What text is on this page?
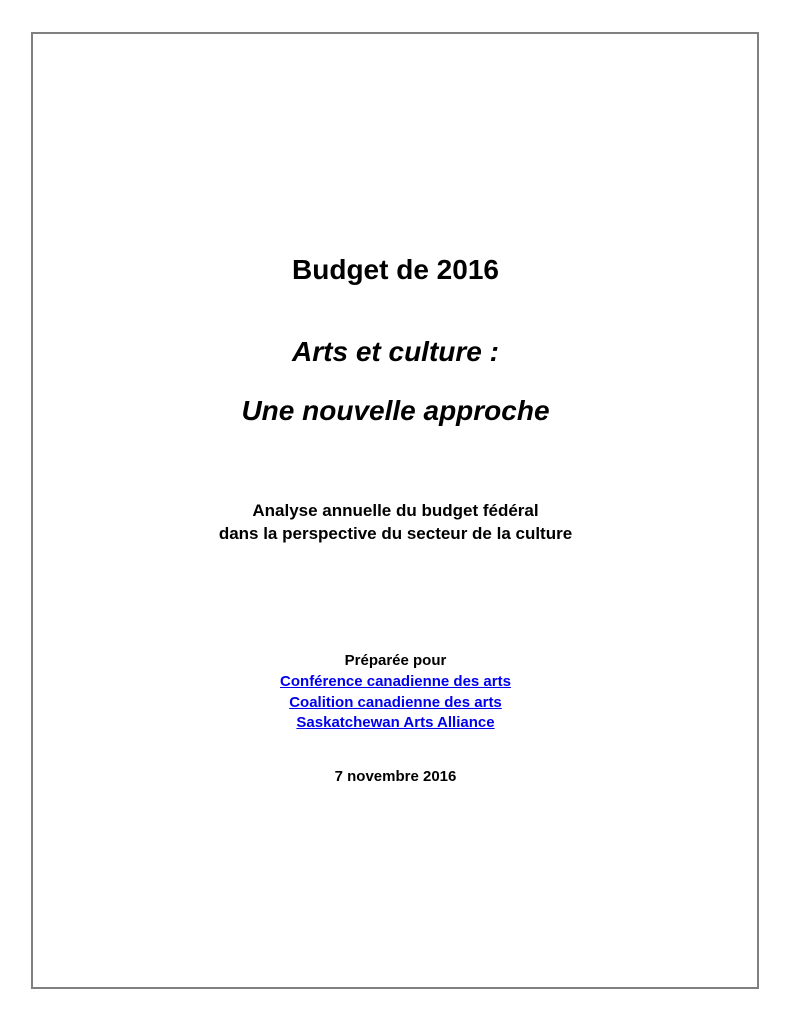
Budget de 2016
Arts et culture :
Une nouvelle approche
Analyse annuelle du budget fédéral
dans la perspective du secteur de la culture
Préparée pour
Conférence canadienne des arts
Coalition canadienne des arts
Saskatchewan Arts Alliance
7 novembre 2016
